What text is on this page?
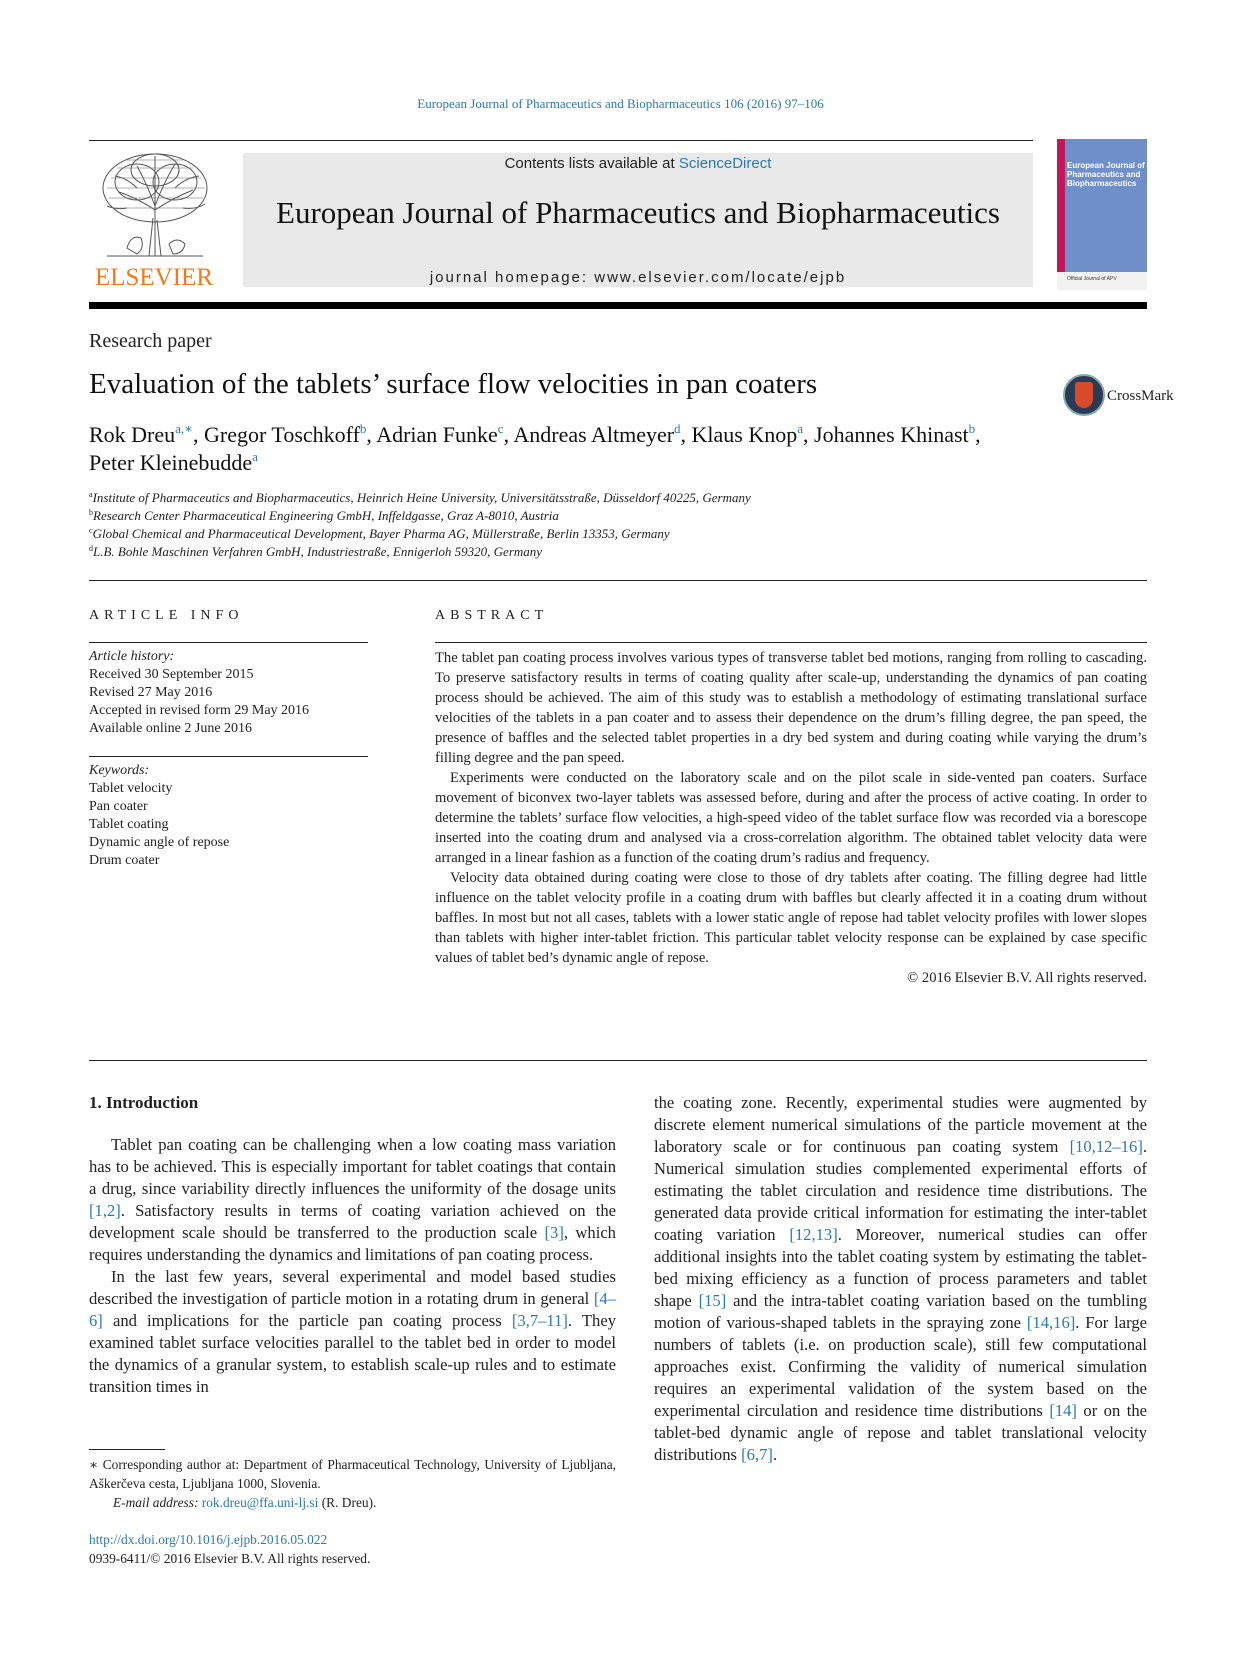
European Journal of Pharmaceutics and Biopharmaceutics 106 (2016) 97–106
ELSEVIER
Contents lists available at ScienceDirect
European Journal of Pharmaceutics and Biopharmaceutics
journal homepage: www.elsevier.com/locate/ejpb
European Journal of Pharmaceutics and Biopharmaceutics
Official Journal of APV
Research paper
Evaluation of the tablets’ surface flow velocities in pan coaters	CrossMark
Rok Dreu$^{a,∗}$, Gregor Toschkoff$^b$, Adrian Funke$^c$, Andreas Altmeyer$^d$, Klaus Knop$^a$, Johannes Khinast$^b$,
Peter Kleinebudde$^a$
$^a$Institute of Pharmaceutics and Biopharmaceutics, Heinrich Heine University, Universitätsstraße, Düsseldorf 40225, Germany
$^b$Research Center Pharmaceutical Engineering GmbH, Inffeldgasse, Graz A-8010, Austria
$^c$Global Chemical and Pharmaceutical Development, Bayer Pharma AG, Müllerstraße, Berlin 13353, Germany
$^d$L.B. Bohle Maschinen Verfahren GmbH, Industriestraße, Ennigerloh 59320, Germany
ARTICLE INFO
Article history:
Received 30 September 2015
Revised 27 May 2016
Accepted in revised form 29 May 2016
Available online 2 June 2016
Keywords:
Tablet velocity
Pan coater
Tablet coating
Dynamic angle of repose
Drum coater
ABSTRACT

The tablet pan coating process involves various types of transverse tablet bed motions, ranging from rolling to cascading. To preserve satisfactory results in terms of coating quality after scale-up, understanding the dynamics of pan coating process should be achieved. The aim of this study was to establish a methodology of estimating translational surface velocities of the tablets in a pan coater and to assess their dependence on the drum’s filling degree, the pan speed, the presence of baffles and the selected tablet properties in a dry bed system and during coating while varying the drum’s filling degree and the pan speed.

Experiments were conducted on the laboratory scale and on the pilot scale in side-vented pan coaters. Surface movement of biconvex two-layer tablets was assessed before, during and after the process of active coating. In order to determine the tablets’ surface flow velocities, a high-speed video of the tablet surface flow was recorded via a borescope inserted into the coating drum and analysed via a cross-correlation algorithm. The obtained tablet velocity data were arranged in a linear fashion as a function of the coating drum’s radius and frequency.

Velocity data obtained during coating were close to those of dry tablets after coating. The filling degree had little influence on the tablet velocity profile in a coating drum with baffles but clearly affected it in a coating drum without baffles. In most but not all cases, tablets with a lower static angle of repose had tablet velocity profiles with lower slopes than tablets with higher inter-tablet friction. This particular tablet velocity response can be explained by case specific values of tablet bed’s dynamic angle of repose.

© 2016 Elsevier B.V. All rights reserved.
1. Introduction

Tablet pan coating can be challenging when a low coating mass variation has to be achieved. This is especially important for tablet coatings that contain a drug, since variability directly influences the uniformity of the dosage units [1,2]. Satisfactory results in terms of coating variation achieved on the development scale should be transferred to the production scale [3], which requires understanding the dynamics and limitations of pan coating process.

In the last few years, several experimental and model based studies described the investigation of particle motion in a rotating drum in general [4–6] and implications for the particle pan coating process [3,7–11]. They examined tablet surface velocities parallel to the tablet bed in order to model the dynamics of a granular system, to establish scale-up rules and to estimate transition times in

the coating zone. Recently, experimental studies were augmented by discrete element numerical simulations of the particle movement at the laboratory scale or for continuous pan coating system [10,12–16]. Numerical simulation studies complemented experimental efforts of estimating the tablet circulation and residence time distributions. The generated data provide critical information for estimating the inter-tablet coating variation [12,13]. Moreover, numerical studies can offer additional insights into the tablet coating system by estimating the tablet-bed mixing efficiency as a function of process parameters and tablet shape [15] and the intra-tablet coating variation based on the tumbling motion of various-shaped tablets in the spraying zone [14,16]. For large numbers of tablets (i.e. on production scale), still few computational approaches exist. Confirming the validity of numerical simulation requires an experimental validation of the system based on the experimental circulation and residence time distributions [14] or on the tablet-bed dynamic angle of repose and tablet translational velocity distributions [6,7].

∗ Corresponding author at: Department of Pharmaceutical Technology, University of Ljubljana, Aškerčeva cesta, Ljubljana 1000, Slovenia.
E-mail address: rok.dreu@ffa.uni-lj.si (R. Dreu).
http://dx.doi.org/10.1016/j.ejpb.2016.05.022
0939-6411/© 2016 Elsevier B.V. All rights reserved.
